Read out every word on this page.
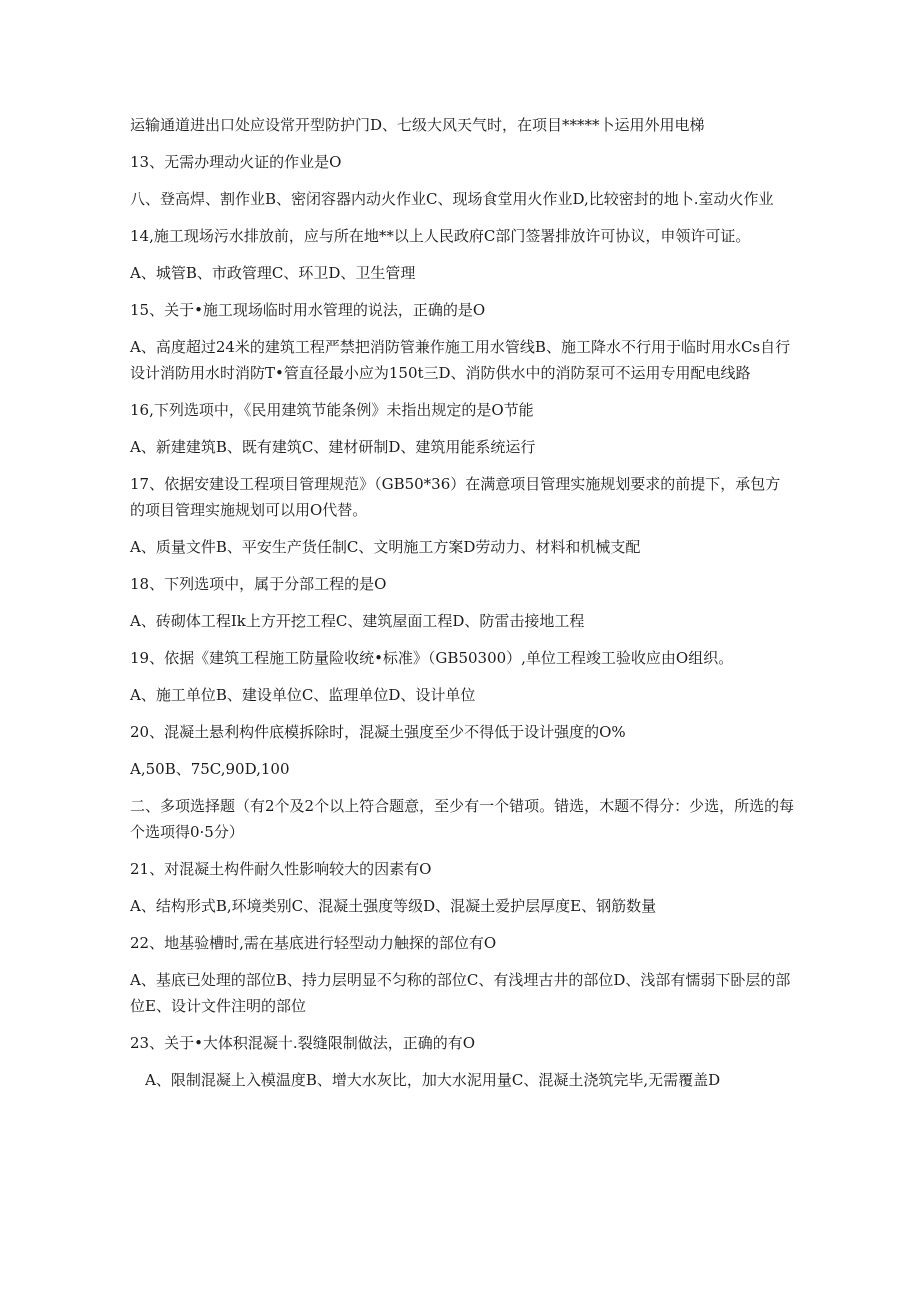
运输通道进出口处应设常开型防护门D、七级大风天气时，在项目*****卜运用外用电梯

13、无需办理动火证的作业是O

八、登高焊、割作业B、密闭容器内动火作业C、现场食堂用火作业D,比较密封的地卜.室动火作业

14,施工现场污水排放前，应与所在地**以上人民政府C部门签署排放许可协议，申领许可证。

A、城管B、市政管理C、环卫D、卫生管理

15、关于•施工现场临时用水管理的说法，正确的是O

A、高度超过24米的建筑工程严禁把消防管兼作施工用水管线B、施工降水不行用于临时用水Cs自行设计消防用水时消防T•管直径最小应为150t三D、消防供水中的消防泵可不运用专用配电线路

16,下列选项中，《民用建筑节能条例》未指出规定的是O节能

A、新建建筑B、既有建筑C、建材研制D、建筑用能系统运行

17、依据安建设工程项目管理规范》（GB50*36）在满意项目管理实施规划要求的前提下，承包方的项目管理实施规划可以用O代替。

A、质量文件B、平安生产货任制C、文明施工方案D劳动力、材料和机械支配

18、下列选项中，属于分部工程的是O

A、砖砌体工程Ik上方开挖工程C、建筑屋面工程D、防雷击接地工程

19、依据《建筑工程施工防量险收统•标准》（GB50300）,单位工程竣工验收应由O组织。

A、施工单位B、建设单位C、监理单位D、设计单位

20、混凝土悬利构件底模拆除时，混凝土强度至少不得低于设计强度的O%

A,50B、75C,90D,100

二、多项选择题（有2个及2个以上符合题意，至少有一个错项。错选，木题不得分：少选，所选的每个选项得0·5分）

21、对混凝土构件耐久性影响较大的因素有O

A、结构形式B,环境类别C、混凝土强度等级D、混凝土爱护层厚度E、钢筋数量

22、地基验槽时,需在基底进行轻型动力触探的部位有O

A、基底已处理的部位B、持力层明显不匀称的部位C、有浅埋古井的部位D、浅部有懦弱下卧层的部位E、设计文件注明的部位

23、关于•大体积混凝十.裂缝限制做法，正确的有O

A、限制混凝上入模温度B、增大水灰比，加大水泥用量C、混凝土浇筑完毕,无需覆盖D
